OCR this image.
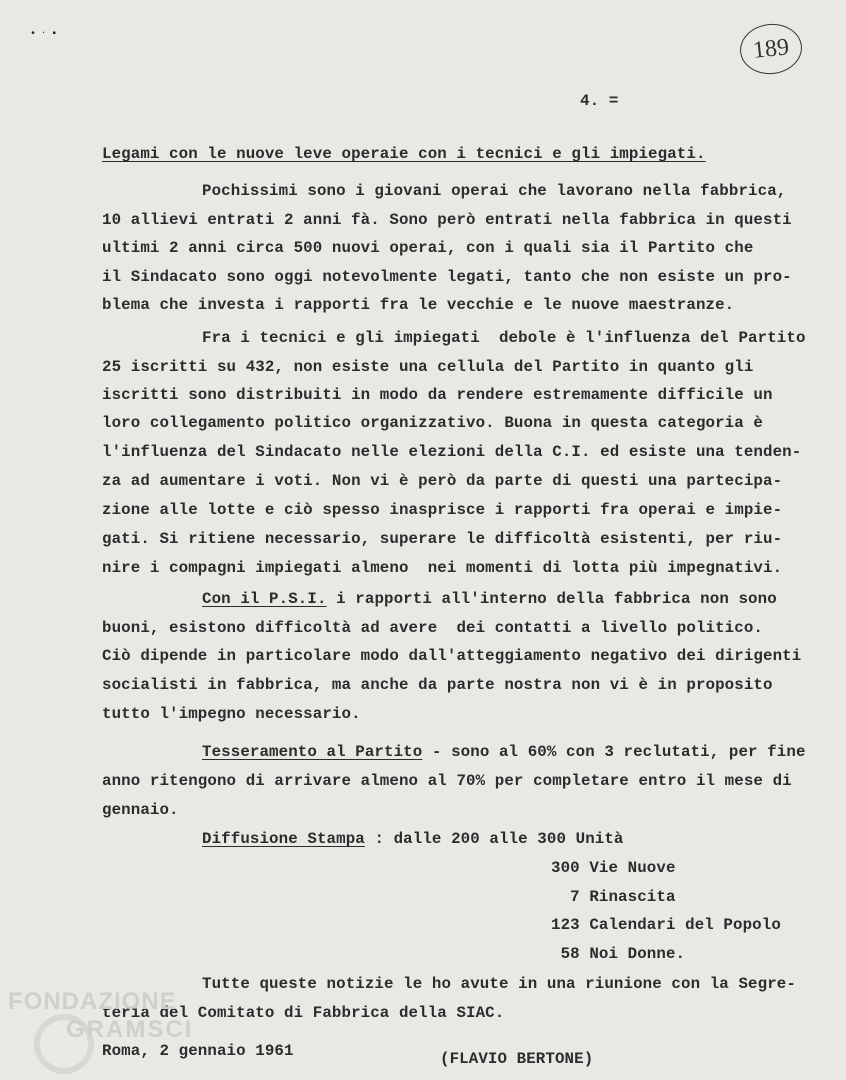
• ‧ ▪	189
4. =
Legami con le nuove leve operaie con i tecnici e gli impiegati.
Pochissimi sono i giovani operai che lavorano nella fabbrica,
10 allievi entrati 2 anni fà. Sono però entrati nella fabbrica in questi
ultimi 2 anni circa 500 nuovi operai, con i quali sia il Partito che
il Sindacato sono oggi notevolmente legati, tanto che non esiste un pro-
blema che investa i rapporti fra le vecchie e le nuove maestranze.
Fra i tecnici e gli impiegati  debole è l'influenza del Partito
25 iscritti su 432, non esiste una cellula del Partito in quanto gli
iscritti sono distribuiti in modo da rendere estremamente difficile un
loro collegamento politico organizzativo. Buona in questa categoria è
l'influenza del Sindacato nelle elezioni della C.I. ed esiste una tenden-
za ad aumentare i voti. Non vi è però da parte di questi una partecipa-
zione alle lotte e ciò spesso inasprisce i rapporti fra operai e impie-
gati. Si ritiene necessario, superare le difficoltà esistenti, per riu-
nire i compagni impiegati almeno  nei momenti di lotta più impegnativi.
Con il P.S.I. i rapporti all'interno della fabbrica non sono
buoni, esistono difficoltà ad avere  dei contatti a livello politico.
Ciò dipende in particolare modo dall'atteggiamento negativo dei dirigenti
socialisti in fabbrica, ma anche da parte nostra non vi è in proposito
tutto l'impegno necessario.
Tesseramento al Partito - sono al 60% con 3 reclutati, per fine
anno ritengono di arrivare almeno al 70% per completare entro il mese di
gennaio.
Diffusione Stampa : dalle 200 alle 300 Unità
300 Vie Nuove
7 Rinascita
123 Calendari del Popolo
58 Noi Donne.
Tutte queste notizie le ho avute in una riunione con la Segre-
teria del Comitato di Fabbrica della SIAC.
Roma, 2 gennaio 1961	(FLAVIO BERTONE)
FONDAZIONE
GRAMSCI
